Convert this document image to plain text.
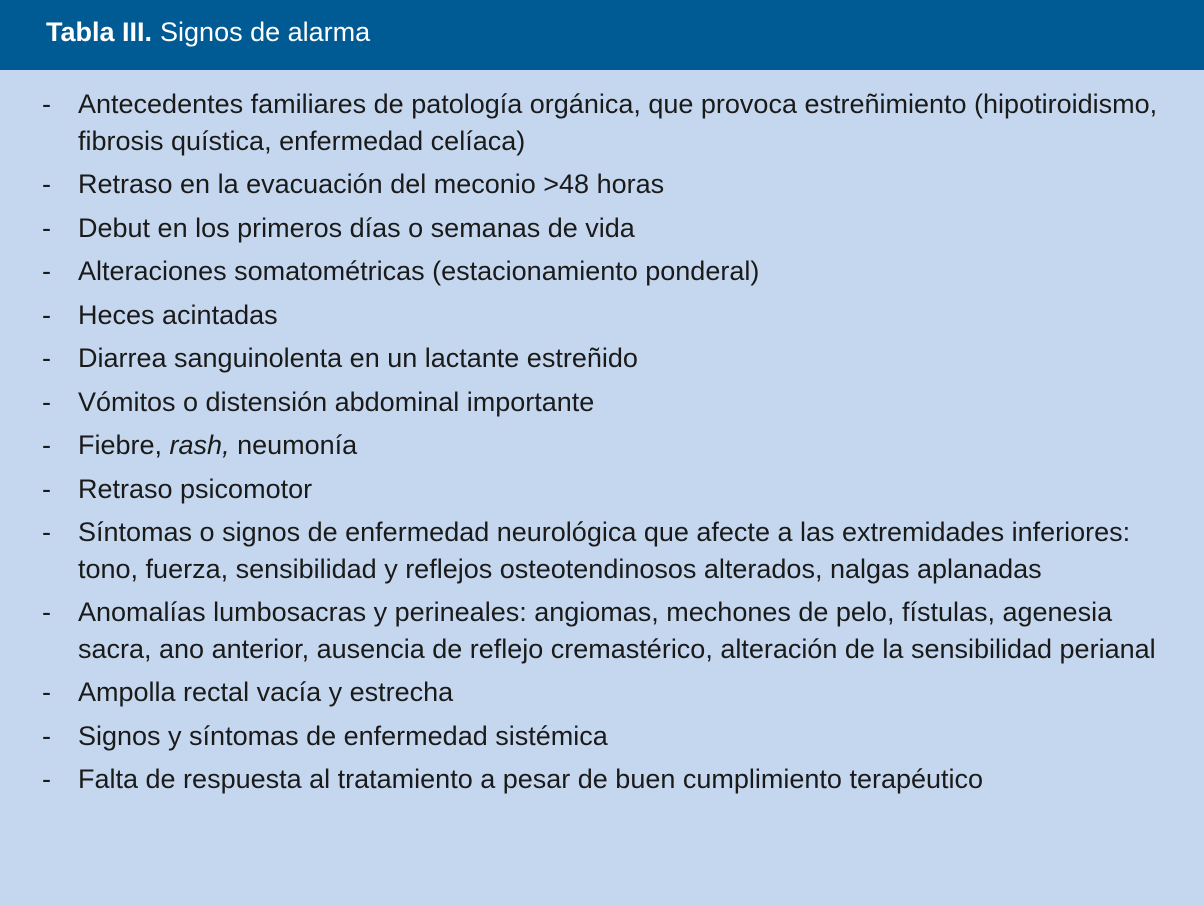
Tabla III. Signos de alarma
- Antecedentes familiares de patología orgánica, que provoca estreñimiento (hipotiroidismo, fibrosis quística, enfermedad celíaca)
- Retraso en la evacuación del meconio >48 horas
- Debut en los primeros días o semanas de vida
- Alteraciones somatométricas (estacionamiento ponderal)
- Heces acintadas
- Diarrea sanguinolenta en un lactante estreñido
- Vómitos o distensión abdominal importante
- Fiebre, rash, neumonía
- Retraso psicomotor
- Síntomas o signos de enfermedad neurológica que afecte a las extremidades inferiores: tono, fuerza, sensibilidad y reflejos osteotendinosos alterados, nalgas aplanadas
- Anomalías lumbosacras y perineales: angiomas, mechones de pelo, fístulas, agenesia sacra, ano anterior, ausencia de reflejo cremastérico, alteración de la sensibilidad perianal
- Ampolla rectal vacía y estrecha
- Signos y síntomas de enfermedad sistémica
- Falta de respuesta al tratamiento a pesar de buen cumplimiento terapéutico
